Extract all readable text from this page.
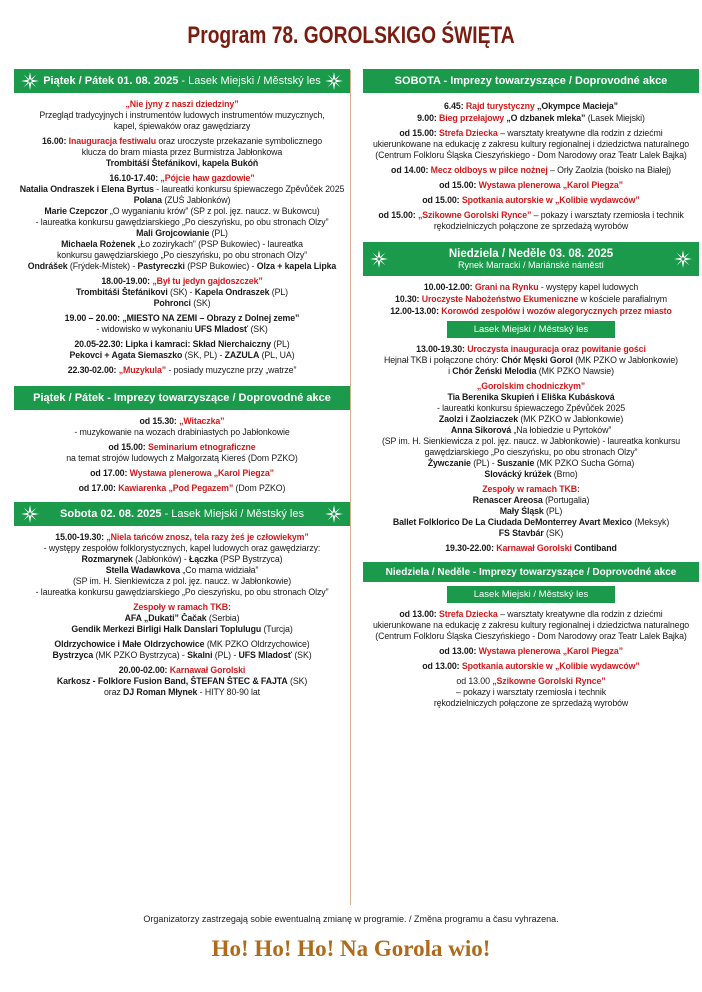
Program 78. GOROLSKIGO ŚWIĘTA
Piątek / Pátek 01. 08. 2025 - Lasek Miejski / Městský les
„Nie jyny z naszi dziedziny”
Przegląd tradycyjnych i instrumentów ludowych instrumentów muzycznych,
kapel, śpiewaków oraz gawędziarzy
16.00: Inauguracja festiwalu oraz uroczyste przekazanie symbolicznego
klucza do bram miasta przez Burmistrza Jabłonkowa
Trombitáši Štefánikovi, kapela Bukóň
16.10-17.40: „Pójcie haw gazdowie”
Natalia Ondraszek i Elena Byrtus - laureatki konkursu śpiewaczego Zpěvůček 2025
Polana (ZUŚ Jabłonków)
Marie Czepczor „O wyganianiu krów” (SP z pol. jęz. naucz. w Bukowcu)
- laureatka konkursu gawędziarskiego „Po cieszyńsku, po obu stronach Olzy”
Mali Grojcowianie (PL)
Michaela Rożenek „Ło zozirykach” (PSP Bukowiec) - laureatka
konkursu gawędziarskiego „Po cieszyńsku, po obu stronach Olzy”
Ondrášek (Frýdek-Místek) - Pastyreczki (PSP Bukowiec) - Olza + kapela Lipka
18.00-19.00: „Był tu jedyn gajdoszczek”
Trombitáši Štefánikovi (SK) - Kapela Ondraszek (PL)
Pohronci (SK)
19.00 – 20.00: „MIESTO NA ZEMI – Obrazy z Dolnej zeme”
- widowisko w wykonaniu UFS Mladosť (SK)
20.05-22.30: Lipka i kamraci: Skład Nierchaiczny (PL)
Pekovci + Agata Siemaszko (SK, PL) - ZAZULA (PL, UA)
22.30-02.00: „Muzykula” - posiady muzyczne przy „watrze”
Piątek / Pátek - Imprezy towarzyszące / Doprovodné akce
od 15.30: „Witaczka”
- muzykowanie na wozach drabiniastych po Jabłonkowie
od 15.00: Seminarium etnograficzne
na temat strojów ludowych z Małgorzatą Kiereś (Dom PZKO)
od 17.00: Wystawa plenerowa „Karol Piegza”
od 17.00: Kawiarenka „Pod Pegazem” (Dom PZKO)
Sobota 02. 08. 2025 - Lasek Miejski / Městský les
15.00-19.30: „Niela tańców znosz, tela razy żeś je człowiekym”
- występy zespołów folklorystycznych, kapel ludowych oraz gawędziarzy:
Rozmarynek (Jabłonków) - Łączka (PSP Bystrzyca)
Stella Wadawkova „Co mama widziała”
(SP im. H. Sienkiewicza z pol. jęz. naucz. w Jabłonkowie)
- laureatka konkursu gawędziarskiego „Po cieszyńsku, po obu stronach Olzy”
Zespoły w ramach TKB:
AFA „Dukati” Čačak (Serbia)
Gendik Merkezi Birligi Halk Danslari Toplulugu (Turcja)
Oldrzychowice i Małe Oldrzychowice (MK PZKO Oldrzychowice)
Bystrzyca (MK PZKO Bystrzyca) - Skalni (PL) - UFS Mladosť (SK)
20.00-02.00: Karnawał Gorolski
Karkosz - Folklore Fusion Band, ŠTEFAN ŠTEC & FAJTA (SK)
oraz DJ Roman Młynek - HITY 80-90 lat
SOBOTA - Imprezy towarzyszące / Doprovodné akce
6.45: Rajd turystyczny „Okympce Macieja”
9.00: Bieg przełajowy „O dzbanek mleka” (Lasek Miejski)
od 15.00: Strefa Dziecka – warsztaty kreatywne dla rodzin z dziećmi
ukierunkowane na edukację z zakresu kultury regionalnej i dziedzictwa naturalnego
(Centrum Folkloru Śląska Cieszyńskiego - Dom Narodowy oraz Teatr Lalek Bajka)
od 14.00: Mecz oldboys w piłce nożnej – Orły Zaolzia (boisko na Białej)
od 15.00: Wystawa plenerowa „Karol Piegza”
od 15.00: Spotkania autorskie w „Kolibie wydawców”
od 15.00: „Szikowne Gorolski Rynce” – pokazy i warsztaty rzemiosła i technik
rękodzielniczych połączone ze sprzedażą wyrobów
Niedziela / Neděle 03. 08. 2025
Rynek Marracki / Mariánské náměstí
10.00-12.00: Grani na Rynku - występy kapel ludowych
10.30: Uroczyste Nabożeństwo Ekumeniczne w kościele parafialnym
12.00-13.00: Korowód zespołów i wozów alegorycznych przez miasto
Lasek Miejski / Městský les
13.00-19.30: Uroczysta inauguracja oraz powitanie gości
Hejnał TKB i połączone chóry: Chór Męski Gorol (MK PZKO w Jabłonkowie)
i Chór Żeński Melodia (MK PZKO Nawsie)
„Gorolskim chodniczkym”
Tia Berenika Skupień i Eliška Kubásková
- laureatki konkursu śpiewaczego Zpěvůček 2025
Zaolzi i Zaolziaczek (MK PZKO w Jabłonkowie)
Anna Sikorová „Na łobiedzie u Pyrtoków”
(SP im. H. Sienkiewicza z pol. jęz. naucz. w Jabłonkowie) - laureatka konkursu
gawędziarskiego „Po cieszyńsku, po obu stronach Olzy”
Żywczanie (PL) - Suszanie (MK PZKO Sucha Górna)
Slovácký krúžek (Brno)
Zespoły w ramach TKB:
Renascer Areosa (Portugalia)
Mały Śląsk (PL)
Ballet Folklorico De La Ciudada DeMonterrey Avart Mexico (Meksyk)
FS Stavbár (SK)
19.30-22.00: Karnawał Gorolski Contiband
Niedziela / Neděle - Imprezy towarzyszące / Doprovodné akce
Lasek Miejski / Městský les
od 13.00: Strefa Dziecka – warsztaty kreatywne dla rodzin z dziećmi
ukierunkowane na edukację z zakresu kultury regionalnej i dziedzictwa naturalnego
(Centrum Folkloru Śląska Cieszyńskiego - Dom Narodowy oraz Teatr Lalek Bajka)
od 13.00: Wystawa plenerowa „Karol Piegza”
od 13.00: Spotkania autorskie w „Kolibie wydawców”
od 13.00 „Szikowne Gorolski Rynce”
– pokazy i warsztaty rzemiosła i technik
rękodzielniczych połączone ze sprzedażą wyrobów
Organizatorzy zastrzegają sobie ewentualną zmianę w programie. / Změna programu a času vyhrazena.
Ho! Ho! Ho! Na Gorola wio!
